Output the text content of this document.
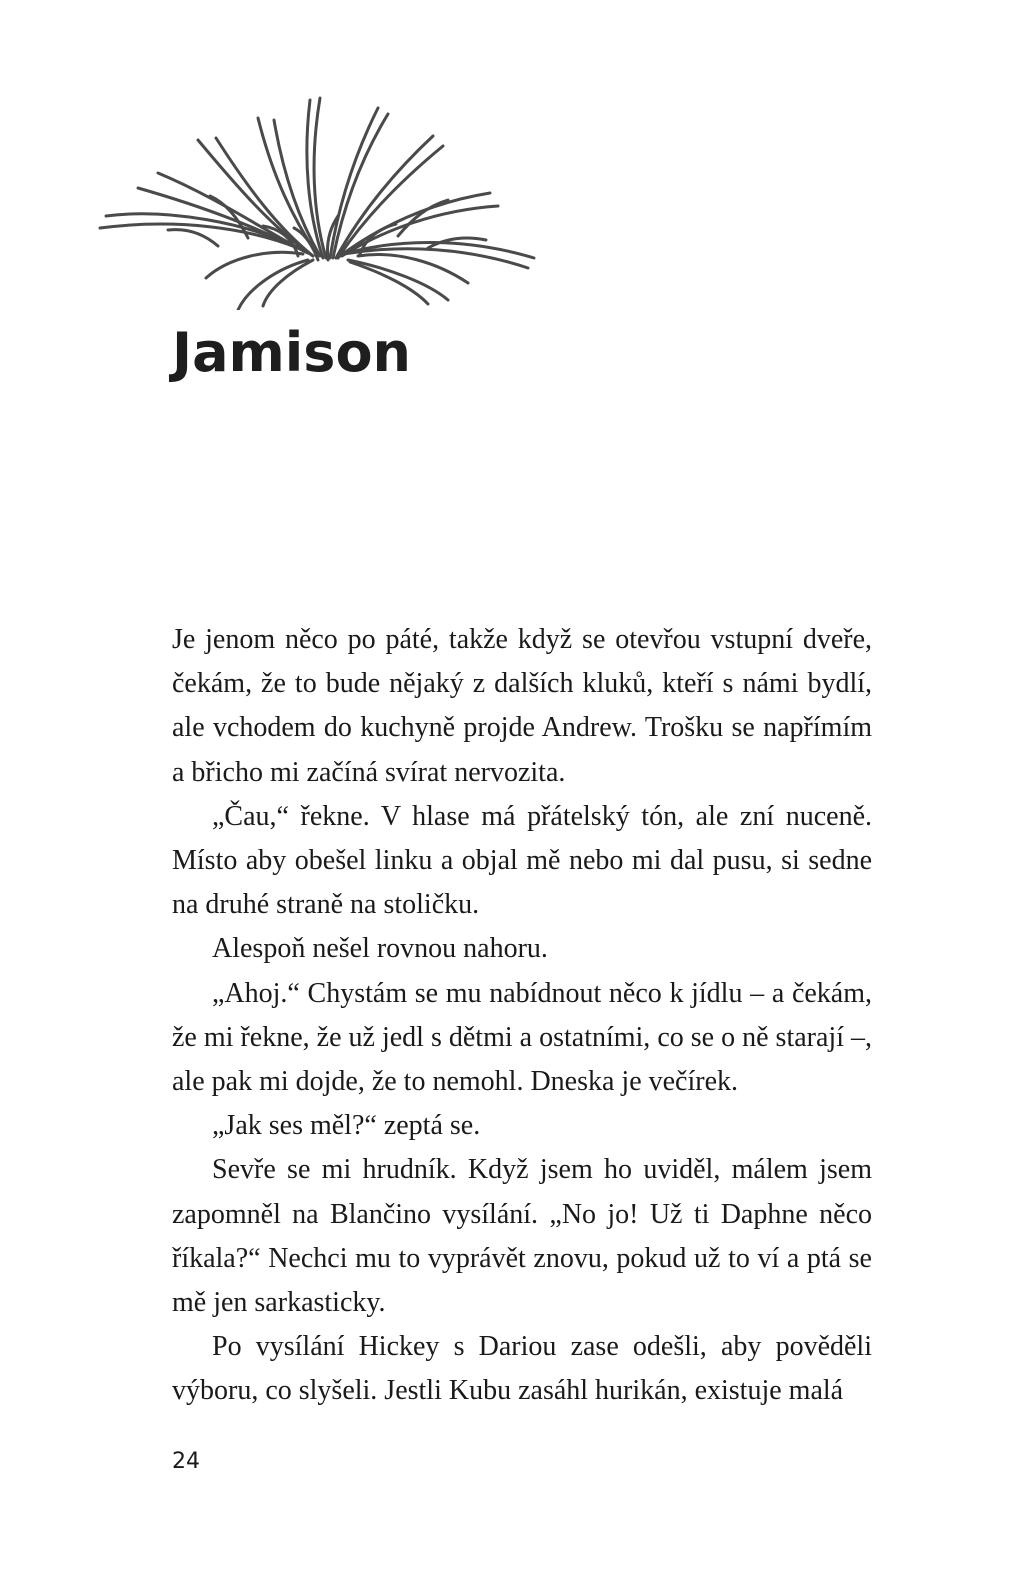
Jamison

Je jenom něco po páté, takže když se otevřou vstupní dveře, čekám, že to bude nějaký z dalších kluků, kteří s námi bydlí, ale vchodem do kuchyně projde Andrew. Trošku se napřímím a břicho mi začíná svírat nervozita.

„Čau,“ řekne. V hlase má přátelský tón, ale zní nuceně. Místo aby obešel linku a objal mě nebo mi dal pusu, si sedne na druhé straně na stoličku.

Alespoň nešel rovnou nahoru.

„Ahoj.“ Chystám se mu nabídnout něco k jídlu – a čekám, že mi řekne, že už jedl s dětmi a ostatními, co se o ně starají –, ale pak mi dojde, že to nemohl. Dneska je večírek.

„Jak ses měl?“ zeptá se.

Sevře se mi hrudník. Když jsem ho uviděl, málem jsem zapomněl na Blančino vysílání. „No jo! Už ti Daphne něco říkala?“ Nechci mu to vyprávět znovu, pokud už to ví a ptá se mě jen sarkasticky.

Po vysílání Hickey s Dariou zase odešli, aby pověděli výboru, co slyšeli. Jestli Kubu zasáhl hurikán, existuje malá

24
